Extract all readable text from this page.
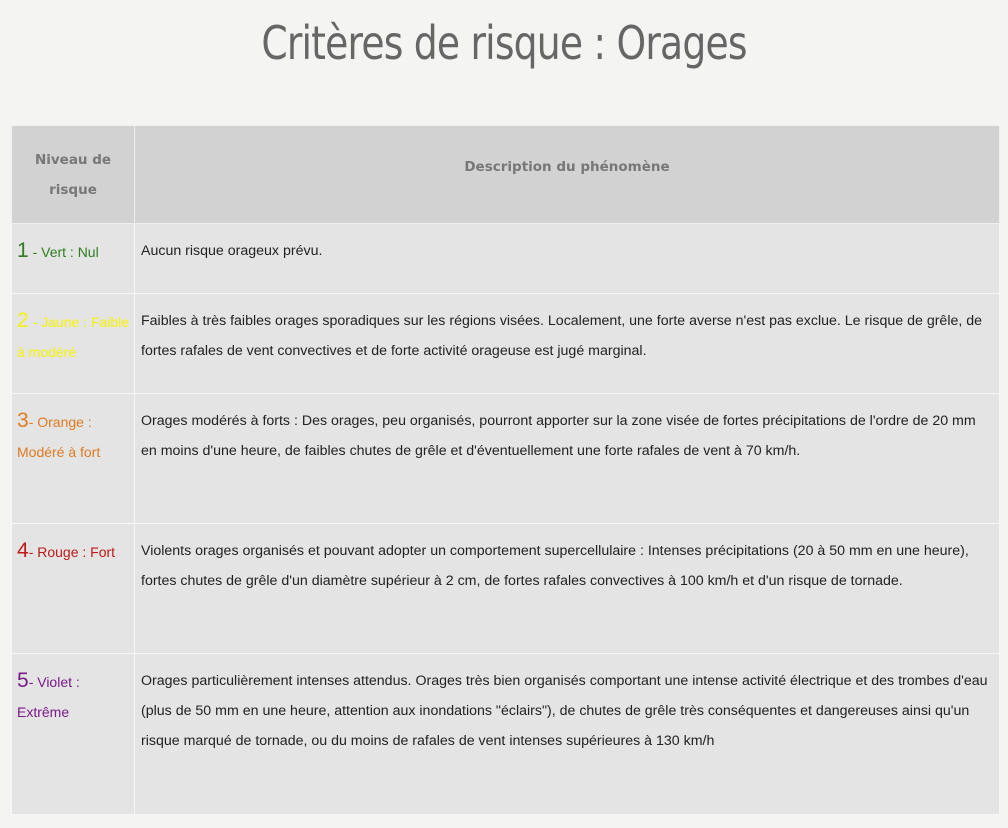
Critères de risque : Orages
Niveau de risque	Description du phénomène
1 - Vert : Nul	Aucun risque orageux prévu.
2 - Jaune : Faible à modéré	Faibles à très faibles orages sporadiques sur les régions visées. Localement, une forte averse n'est pas exclue. Le risque de grêle, de fortes rafales de vent convectives et de forte activité orageuse est jugé marginal.
3- Orange : Modéré à fort	Orages modérés à forts : Des orages, peu organisés, pourront apporter sur la zone visée de fortes précipitations de l'ordre de 20 mm en moins d'une heure, de faibles chutes de grêle et d'éventuellement une forte rafales de vent à 70 km/h.
4- Rouge : Fort	Violents orages organisés et pouvant adopter un comportement supercellulaire : Intenses précipitations (20 à 50 mm en une heure), fortes chutes de grêle d'un diamètre supérieur à 2 cm, de fortes rafales convectives à 100 km/h et d'un risque de tornade.
5- Violet : Extrême	Orages particulièrement intenses attendus. Orages très bien organisés comportant une intense activité électrique et des trombes d'eau (plus de 50 mm en une heure, attention aux inondations "éclairs"), de chutes de grêle très conséquentes et dangereuses ainsi qu'un risque marqué de tornade, ou du moins de rafales de vent intenses supérieures à 130 km/h
